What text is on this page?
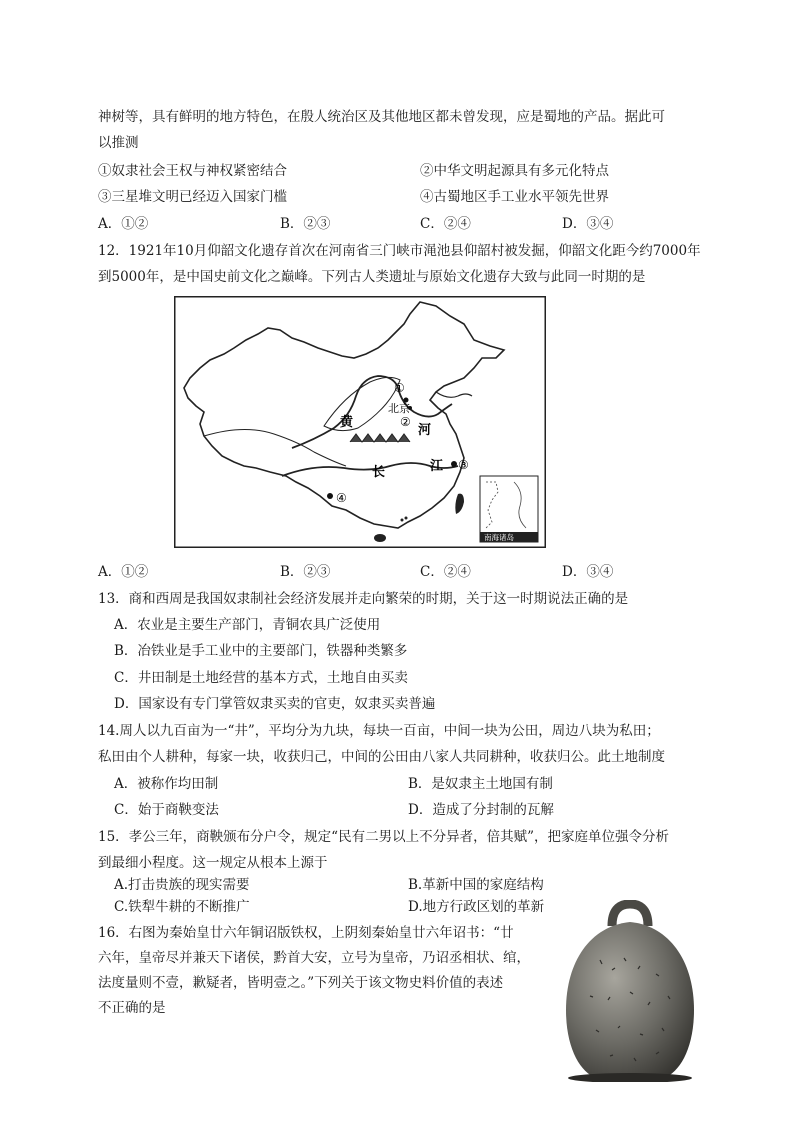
神树等，具有鲜明的地方特色，在殷人统治区及其他地区都未曾发现，应是蜀地的产品。据此可
以推测
①奴隶社会王权与神权紧密结合	②中华文明起源具有多元化特点
③三星堆文明已经迈入国家门槛	④古蜀地区手工业水平领先世界
A．①②	B．②③	C．②④	D．③④
12．1921年10月仰韶文化遗存首次在河南省三门峡市渑池县仰韶村被发掘，仰韶文化距今约7000年
到5000年，是中国史前文化之巅峰。下列古人类遗址与原始文化遗存大致与此同一时期的是
①
北京
②
黄
河
长	江 ③
④
南海诸岛
A．①②	B．②③	C．②④	D．③④
13．商和西周是我国奴隶制社会经济发展并走向繁荣的时期，关于这一时期说法正确的是
A．农业是主要生产部门，青铜农具广泛使用
B．冶铁业是手工业中的主要部门，铁器种类繁多
C．井田制是土地经营的基本方式，土地自由买卖
D．国家设有专门掌管奴隶买卖的官吏，奴隶买卖普遍
14.周人以九百亩为一“井”，平均分为九块，每块一百亩，中间一块为公田，周边八块为私田；
私田由个人耕种，每家一块，收获归己，中间的公田由八家人共同耕种，收获归公。此土地制度
A．被称作均田制	B．是奴隶主土地国有制
C．始于商鞅变法	D．造成了分封制的瓦解
15．孝公三年，商鞅颁布分户令，规定“民有二男以上不分异者，倍其赋”，把家庭单位强令分析
到最细小程度。这一规定从根本上源于
A.打击贵族的现实需要	B.革新中国的家庭结构
C.铁犁牛耕的不断推广	D.地方行政区划的革新
16．右图为秦始皇廿六年铜诏版铁权，上阴刻秦始皇廿六年诏书：“廿
六年，皇帝尽并兼天下诸侯，黔首大安，立号为皇帝，乃诏丞相状、绾，
法度量则不壹，歉疑者，皆明壹之。”下列关于该文物史料价值的表述
不正确的是
